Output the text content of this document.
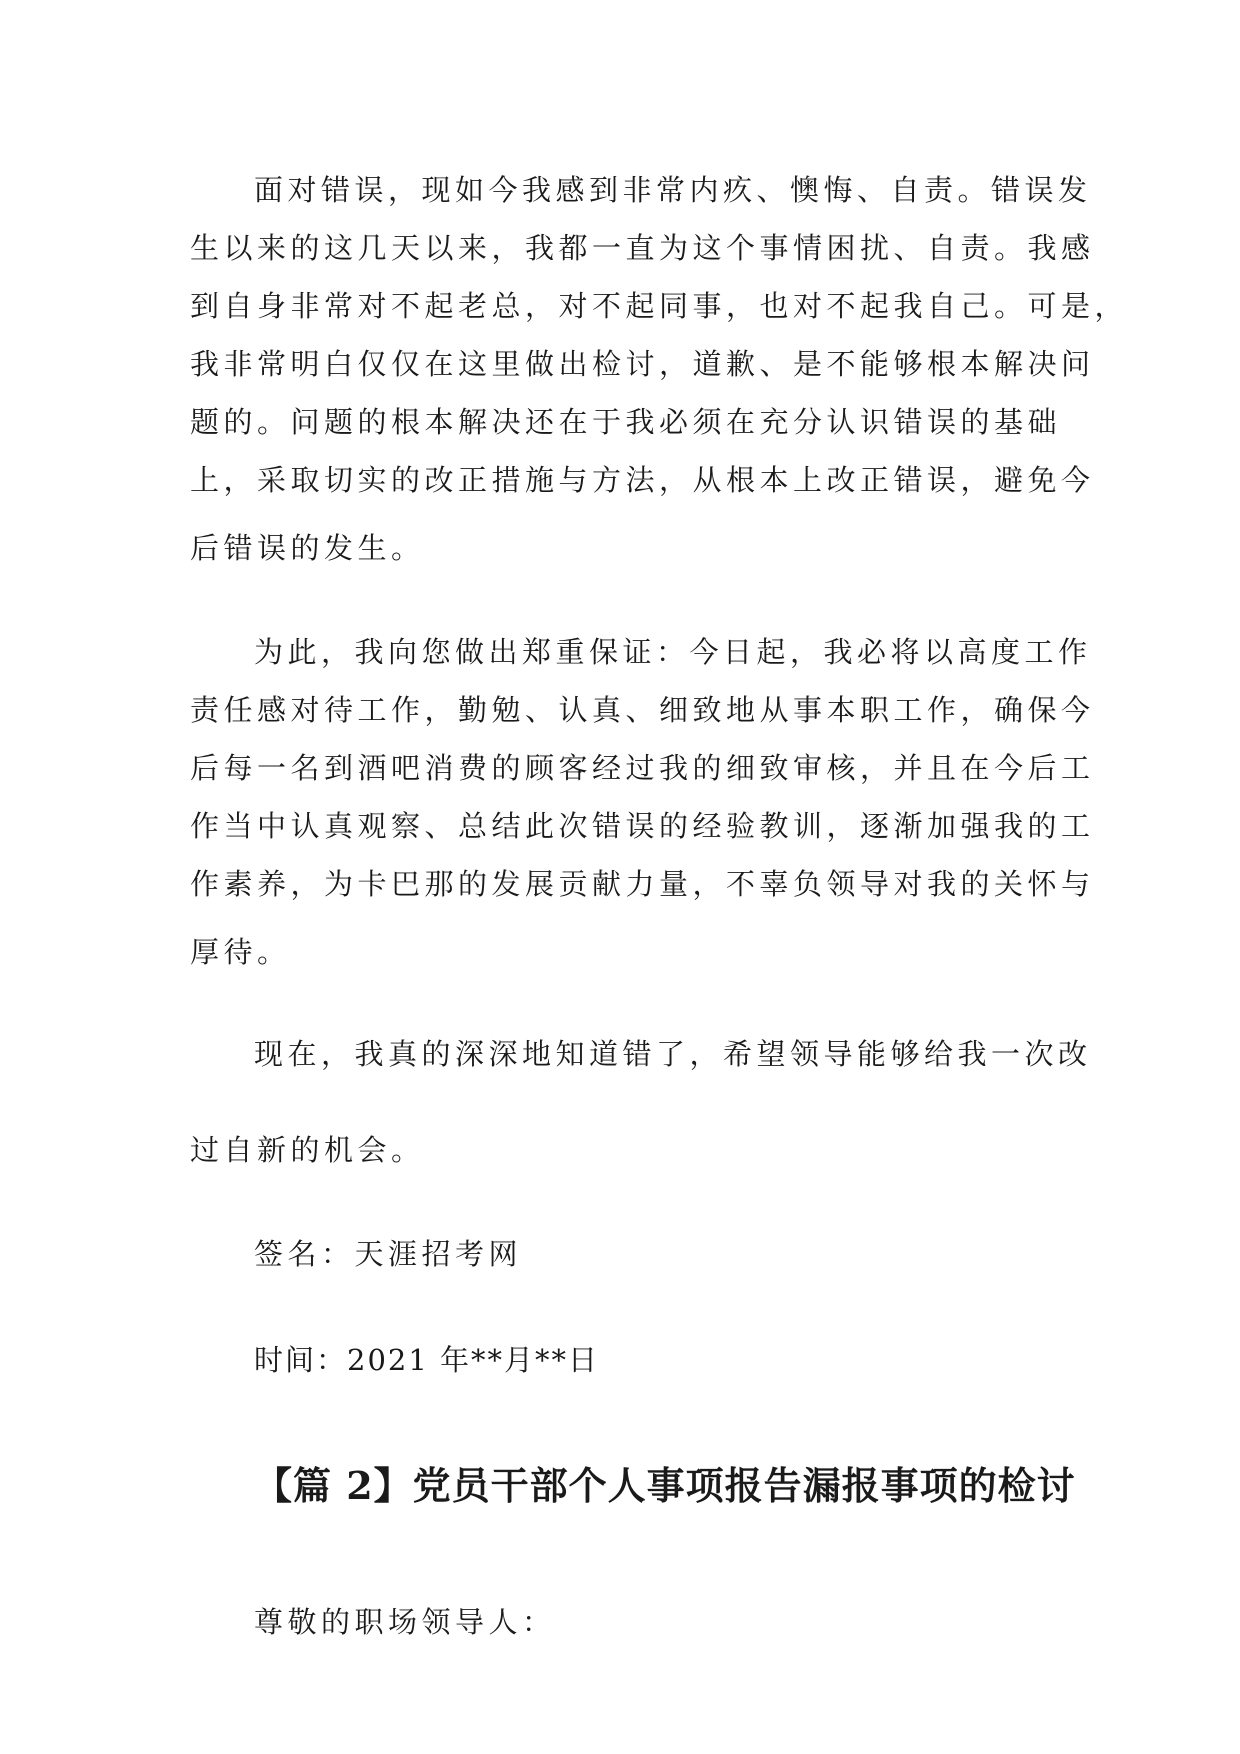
面对错误，现如今我感到非常内疚、懊悔、自责。错误发
生以来的这几天以来，我都一直为这个事情困扰、自责。我感
到自身非常对不起老总，对不起同事，也对不起我自己。可是，
我非常明白仅仅在这里做出检讨，道歉、是不能够根本解决问
题的。问题的根本解决还在于我必须在充分认识错误的基础
上，采取切实的改正措施与方法，从根本上改正错误，避免今
后错误的发生。
为此，我向您做出郑重保证：今日起，我必将以高度工作
责任感对待工作，勤勉、认真、细致地从事本职工作，确保今
后每一名到酒吧消费的顾客经过我的细致审核，并且在今后工
作当中认真观察、总结此次错误的经验教训，逐渐加强我的工
作素养，为卡巴那的发展贡献力量，不辜负领导对我的关怀与
厚待。
现在，我真的深深地知道错了，希望领导能够给我一次改
过自新的机会。
签名：天涯招考网
时间：2021 年**月**日
【篇 2】党员干部个人事项报告漏报事项的检讨
尊敬的职场领导人：
